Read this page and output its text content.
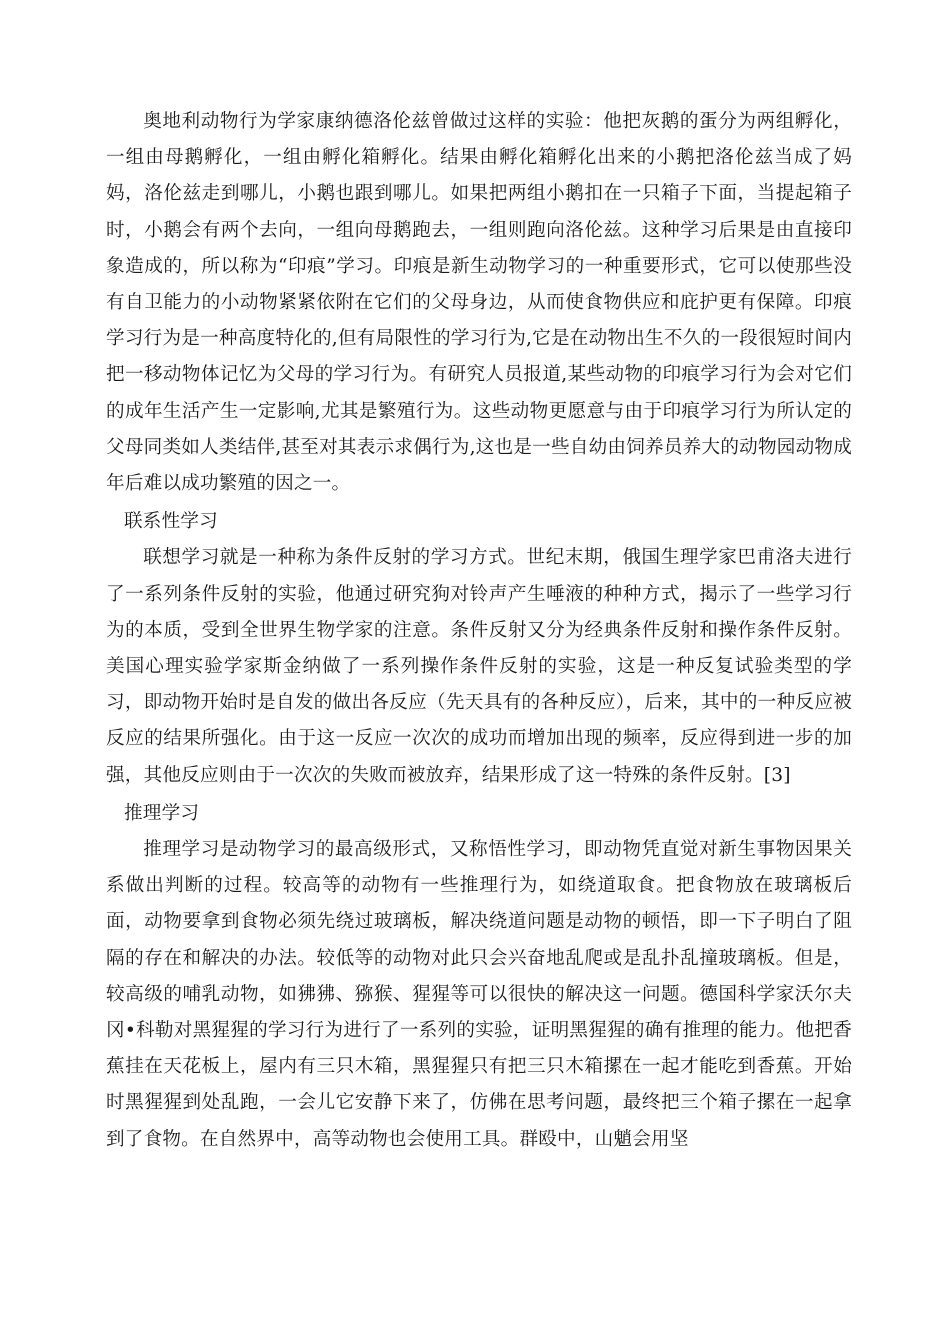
奥地利动物行为学家康纳德洛伦兹曾做过这样的实验：他把灰鹅的蛋分为两组孵化，一组由母鹅孵化，一组由孵化箱孵化。结果由孵化箱孵化出来的小鹅把洛伦兹当成了妈妈，洛伦兹走到哪儿，小鹅也跟到哪儿。如果把两组小鹅扣在一只箱子下面，当提起箱子时，小鹅会有两个去向，一组向母鹅跑去，一组则跑向洛伦兹。这种学习后果是由直接印象造成的，所以称为“印痕”学习。印痕是新生动物学习的一种重要形式，它可以使那些没有自卫能力的小动物紧紧依附在它们的父母身边，从而使食物供应和庇护更有保障。印痕学习行为是一种高度特化的,但有局限性的学习行为,它是在动物出生不久的一段很短时间内把一移动物体记忆为父母的学习行为。有研究人员报道,某些动物的印痕学习行为会对它们的成年生活产生一定影响,尤其是繁殖行为。这些动物更愿意与由于印痕学习行为所认定的父母同类如人类结伴,甚至对其表示求偶行为,这也是一些自幼由饲养员养大的动物园动物成年后难以成功繁殖的因之一。

联系性学习

联想学习就是一种称为条件反射的学习方式。世纪末期，俄国生理学家巴甫洛夫进行了一系列条件反射的实验，他通过研究狗对铃声产生唾液的种种方式，揭示了一些学习行为的本质，受到全世界生物学家的注意。条件反射又分为经典条件反射和操作条件反射。美国心理实验学家斯金纳做了一系列操作条件反射的实验，这是一种反复试验类型的学习，即动物开始时是自发的做出各反应（先天具有的各种反应），后来，其中的一种反应被反应的结果所强化。由于这一反应一次次的成功而增加出现的频率，反应得到进一步的加强，其他反应则由于一次次的失败而被放弃，结果形成了这一特殊的条件反射。[3]

推理学习

推理学习是动物学习的最高级形式，又称悟性学习，即动物凭直觉对新生事物因果关系做出判断的过程。较高等的动物有一些推理行为，如绕道取食。把食物放在玻璃板后面，动物要拿到食物必须先绕过玻璃板，解决绕道问题是动物的顿悟，即一下子明白了阻隔的存在和解决的办法。较低等的动物对此只会兴奋地乱爬或是乱扑乱撞玻璃板。但是，较高级的哺乳动物，如狒狒、猕猴、猩猩等可以很快的解决这一问题。德国科学家沃尔夫冈•科勒对黑猩猩的学习行为进行了一系列的实验，证明黑猩猩的确有推理的能力。他把香蕉挂在天花板上，屋内有三只木箱，黑猩猩只有把三只木箱摞在一起才能吃到香蕉。开始时黑猩猩到处乱跑，一会儿它安静下来了，仿佛在思考问题，最终把三个箱子摞在一起拿到了食物。在自然界中，高等动物也会使用工具。群殴中，山魈会用坚
